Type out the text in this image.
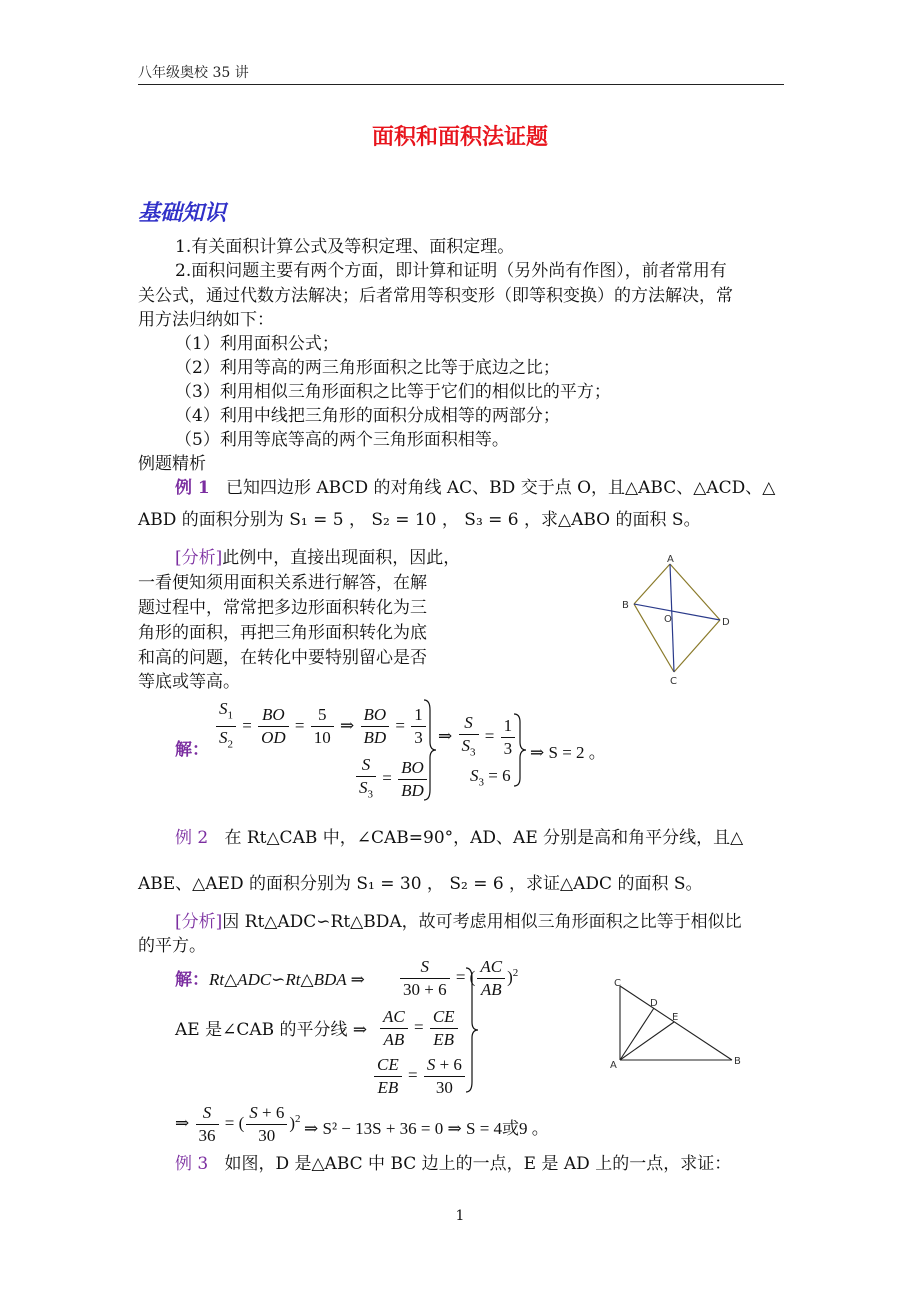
八年级奥校 35 讲
面积和面积法证题
基础知识
1.有关面积计算公式及等积定理、面积定理。
2.面积问题主要有两个方面，即计算和证明（另外尚有作图），前者常用有
关公式，通过代数方法解决；后者常用等积变形（即等积变换）的方法解决，常
用方法归纳如下：
（1）利用面积公式；
（2）利用等高的两三角形面积之比等于底边之比；
（3）利用相似三角形面积之比等于它们的相似比的平方；
（4）利用中线把三角形的面积分成相等的两部分；
（5）利用等底等高的两个三角形面积相等。
例题精析
例 1 已知四边形 ABCD 的对角线 AC、BD 交于点 O，且△ABC、△ACD、△
ABD 的面积分别为 S₁ = 5 ， S₂ = 10 ， S₃ = 6 ，求△ABO 的面积 S。
[分析]此例中，直接出现面积，因此，
一看便知须用面积关系进行解答，在解
题过程中，常常把多边形面积转化为三
角形的面积，再把三角形面积转化为底
和高的问题，在转化中要特别留心是否
等底或等高。
A
B
O	D
C
解： $\frac{S_1}{S_2} = \frac{BO}{OD} = \frac{5}{10}$ ⇒ $\frac{BO}{BD} = \frac{1}{3}$
$\frac{S}{S_3} = \frac{BO}{BD}$
⇒ $\frac{S}{S_3} = \frac{1}{3}$
$S_3 = 6$
⇒ S = 2 。
例 2 在 Rt△CAB 中，∠CAB=90°，AD、AE 分别是高和角平分线，且△
ABE、△AED 的面积分别为 S₁ = 30 ， S₂ = 6 ，求证△ADC 的面积 S。
[分析]因 Rt△ADC∽Rt△BDA，故可考虑用相似三角形面积之比等于相似比
的平方。
解：Rt△ADC∽Rt△BDA ⇒ $\frac{S}{30 + 6}$ = ( $\frac{AC}{AB} )^2$
AE 是∠CAB 的平分线 ⇒ $\frac{AC}{AB} = \frac{CE}{EB}$
$\frac{CE}{EB} = \frac{S + 6}{30}$
⇒ $\frac{S}{36}$ = ( $\frac{S + 6}{30} )^2$
⇒ S² − 13S + 36 = 0 ⇒ S = 4或9 。
C
D
E
A	B
例 3 如图，D 是△ABC 中 BC 边上的一点，E 是 AD 上的一点，求证：
1
